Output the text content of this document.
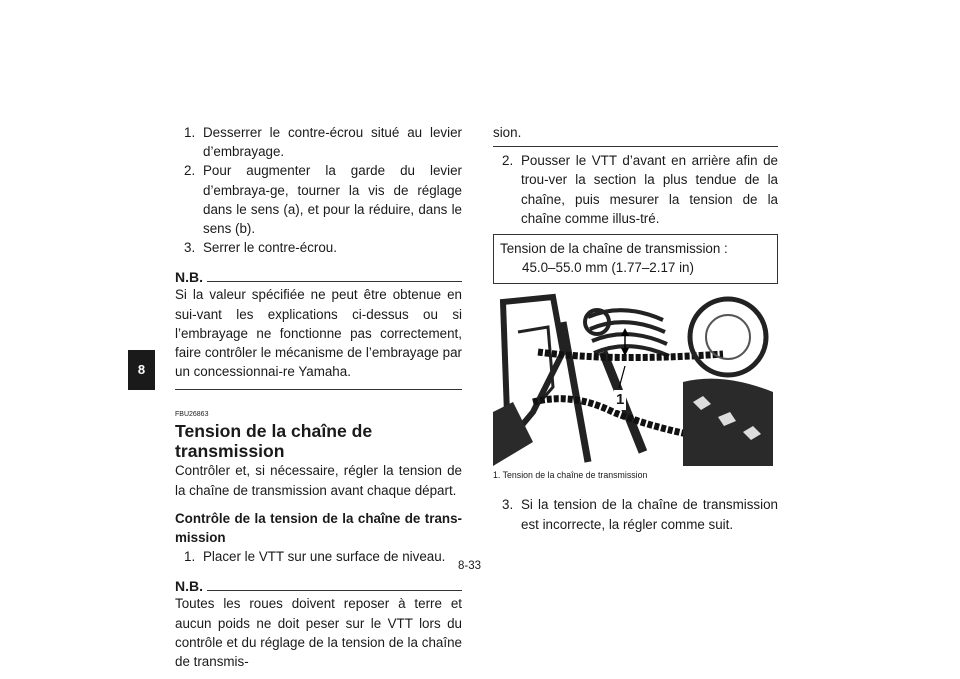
8
1. Desserrer le contre-écrou situé au levier d’embrayage.
2. Pour augmenter la garde du levier d’embraya-ge, tourner la vis de réglage dans le sens (a), et pour la réduire, dans le sens (b).
3. Serrer le contre-écrou.
N.B.
Si la valeur spécifiée ne peut être obtenue en sui-vant les explications ci-dessus ou si l’embrayage ne fonctionne pas correctement, faire contrôler le mécanisme de l’embrayage par un concessionnai-re Yamaha.
FBU26863
Tension de la chaîne de transmission
Contrôler et, si nécessaire, régler la tension de la chaîne de transmission avant chaque départ.
Contrôle de la tension de la chaîne de trans-mission
1. Placer le VTT sur une surface de niveau.
N.B.
Toutes les roues doivent reposer à terre et aucun poids ne doit peser sur le VTT lors du contrôle et du réglage de la tension de la chaîne de transmis-
sion.
2. Pousser le VTT d’avant en arrière afin de trou-ver la section la plus tendue de la chaîne, puis mesurer la tension de la chaîne comme illus-tré.
Tension de la chaîne de transmission :
45.0–55.0 mm (1.77–2.17 in)
1
1. Tension de la chaîne de transmission
3. Si la tension de la chaîne de transmission est incorrecte, la régler comme suit.
8-33
